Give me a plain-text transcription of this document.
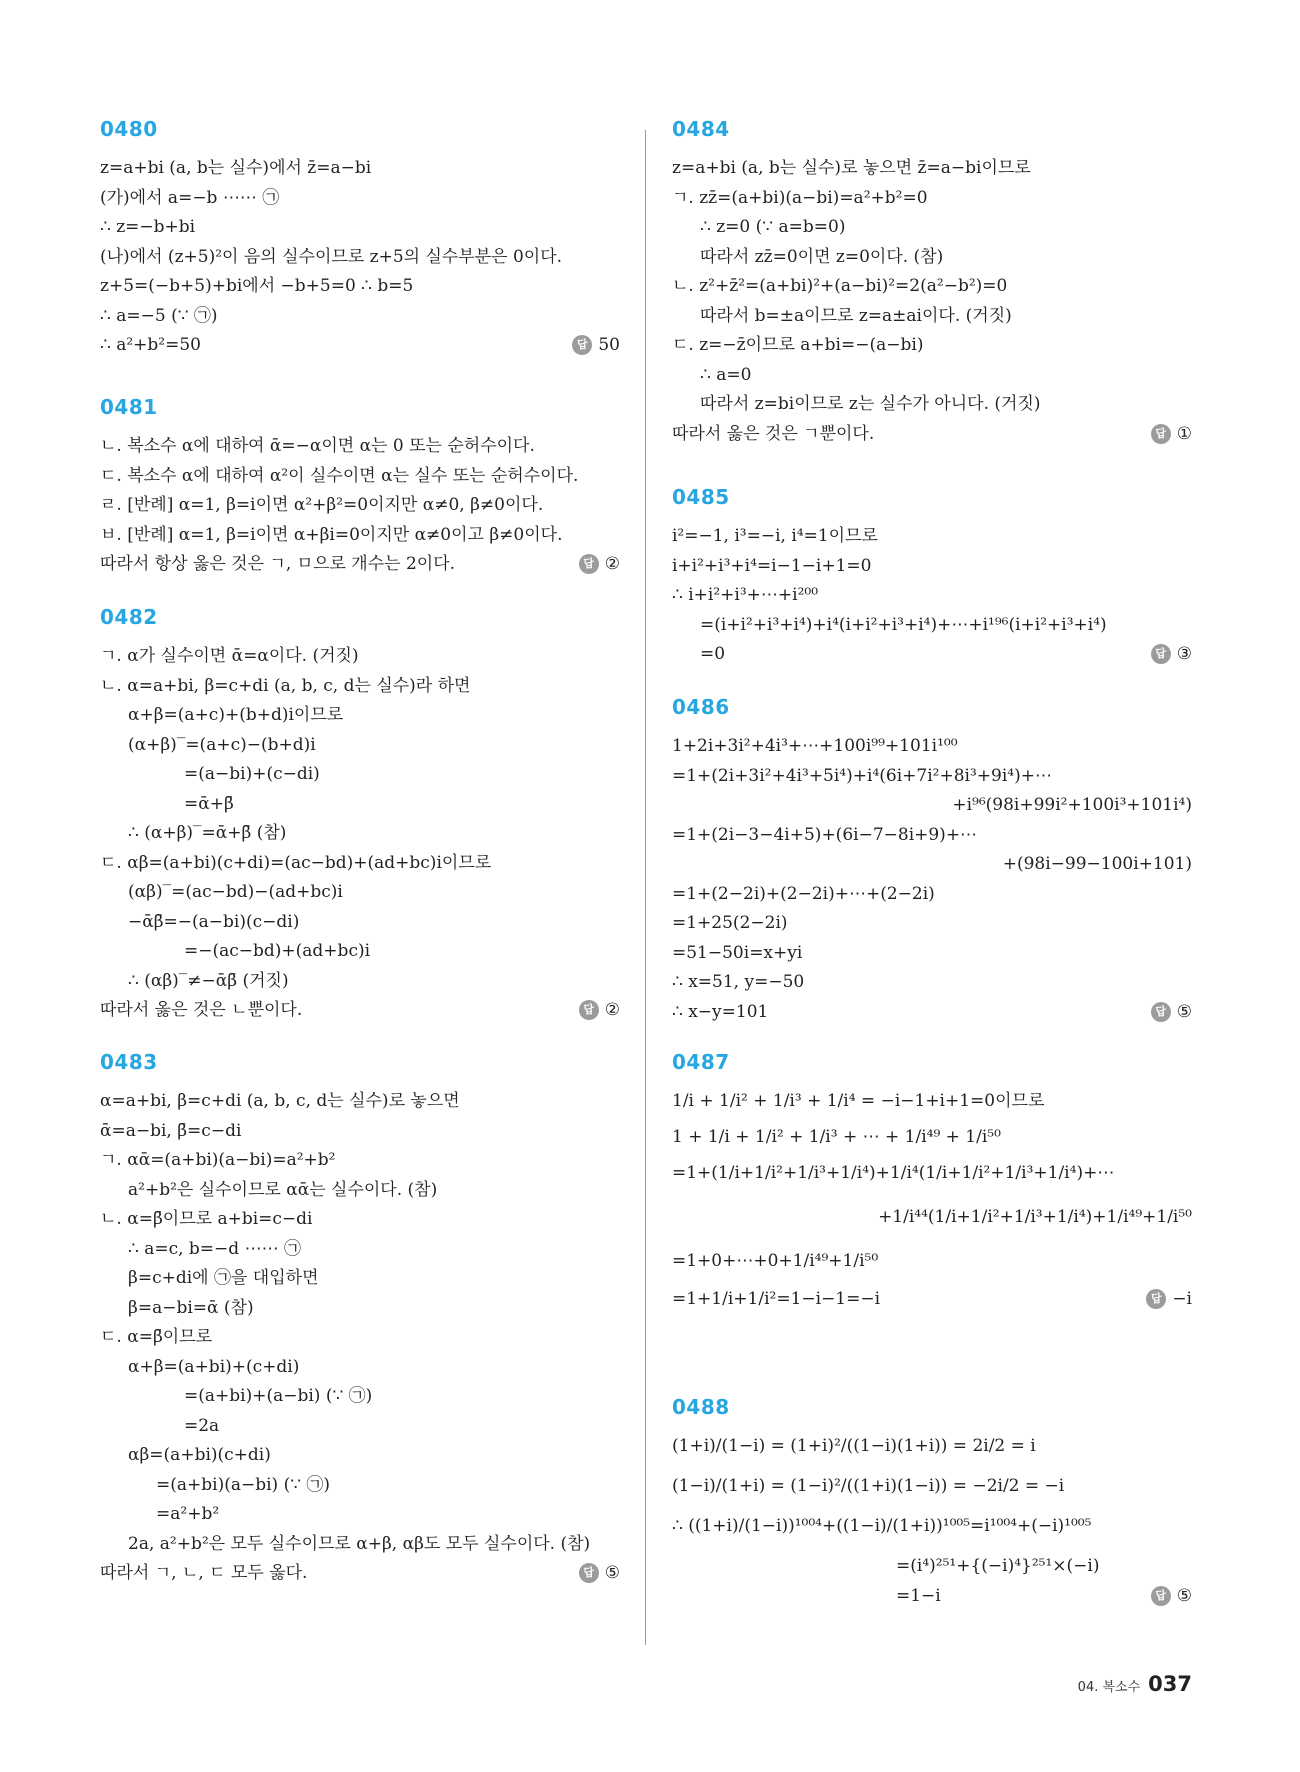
0480
z=a+bi (a, b는 실수)에서 z̄=a−bi
(가)에서 a=−b ⋯⋯ ㉠
∴ z=−b+bi
(나)에서 (z+5)²이 음의 실수이므로 z+5의 실수부분은 0이다.
z+5=(−b+5)+bi에서 −b+5=0 ∴ b=5
∴ a=−5 (∵ ㉠)
∴ a²+b²=50	답 50
0481
ㄴ. 복소수 α에 대하여 ᾱ=−α이면 α는 0 또는 순허수이다.
ㄷ. 복소수 α에 대하여 α²이 실수이면 α는 실수 또는 순허수이다.
ㄹ. [반례] α=1, β=i이면 α²+β²=0이지만 α≠0, β≠0이다.
ㅂ. [반례] α=1, β=i이면 α+βi=0이지만 α≠0이고 β≠0이다.
따라서 항상 옳은 것은 ㄱ, ㅁ으로 개수는 2이다.	답 ②
0482
ㄱ. α가 실수이면 ᾱ=α이다. (거짓)
ㄴ. α=a+bi, β=c+di (a, b, c, d는 실수)라 하면
α+β=(a+c)+(b+d)i이므로
(α+β)‾=(a+c)−(b+d)i
=(a−bi)+(c−di)
=ᾱ+β̄
∴ (α+β)‾=ᾱ+β̄ (참)
ㄷ. αβ=(a+bi)(c+di)=(ac−bd)+(ad+bc)i이므로
(αβ)‾=(ac−bd)−(ad+bc)i
−ᾱβ̄=−(a−bi)(c−di)
=−(ac−bd)+(ad+bc)i
∴ (αβ)‾≠−ᾱβ̄ (거짓)
따라서 옳은 것은 ㄴ뿐이다.	답 ②
0483
α=a+bi, β=c+di (a, b, c, d는 실수)로 놓으면
ᾱ=a−bi, β̄=c−di
ㄱ. αᾱ=(a+bi)(a−bi)=a²+b²
a²+b²은 실수이므로 αᾱ는 실수이다. (참)
ㄴ. α=β̄이므로 a+bi=c−di
∴ a=c, b=−d ⋯⋯ ㉠
β=c+di에 ㉠을 대입하면
β=a−bi=ᾱ (참)
ㄷ. α=β̄이므로
α+β=(a+bi)+(c+di)
=(a+bi)+(a−bi) (∵ ㉠)
=2a
αβ=(a+bi)(c+di)
=(a+bi)(a−bi) (∵ ㉠)
=a²+b²
2a, a²+b²은 모두 실수이므로 α+β, αβ도 모두 실수이다. (참)
따라서 ㄱ, ㄴ, ㄷ 모두 옳다.	답 ⑤
0484
z=a+bi (a, b는 실수)로 놓으면 z̄=a−bi이므로
ㄱ. zz̄=(a+bi)(a−bi)=a²+b²=0
∴ z=0 (∵ a=b=0)
따라서 zz̄=0이면 z=0이다. (참)
ㄴ. z²+z̄²=(a+bi)²+(a−bi)²=2(a²−b²)=0
따라서 b=±a이므로 z=a±ai이다. (거짓)
ㄷ. z=−z̄이므로 a+bi=−(a−bi)
∴ a=0
따라서 z=bi이므로 z는 실수가 아니다. (거짓)
따라서 옳은 것은 ㄱ뿐이다.	답 ①
0485
i²=−1, i³=−i, i⁴=1이므로
i+i²+i³+i⁴=i−1−i+1=0
∴ i+i²+i³+⋯+i²⁰⁰
=(i+i²+i³+i⁴)+i⁴(i+i²+i³+i⁴)+⋯+i¹⁹⁶(i+i²+i³+i⁴)
=0	답 ③
0486
1+2i+3i²+4i³+⋯+100i⁹⁹+101i¹⁰⁰
=1+(2i+3i²+4i³+5i⁴)+i⁴(6i+7i²+8i³+9i⁴)+⋯
+i⁹⁶(98i+99i²+100i³+101i⁴)
=1+(2i−3−4i+5)+(6i−7−8i+9)+⋯
+(98i−99−100i+101)
=1+(2−2i)+(2−2i)+⋯+(2−2i)
=1+25(2−2i)
=51−50i=x+yi
∴ x=51, y=−50
∴ x−y=101	답 ⑤
0487
1/i + 1/i² + 1/i³ + 1/i⁴ = −i−1+i+1=0이므로
1 + 1/i + 1/i² + 1/i³ + ⋯ + 1/i⁴⁹ + 1/i⁵⁰
=1+(1/i+1/i²+1/i³+1/i⁴)+1/i⁴(1/i+1/i²+1/i³+1/i⁴)+⋯
+1/i⁴⁴(1/i+1/i²+1/i³+1/i⁴)+1/i⁴⁹+1/i⁵⁰
=1+0+⋯+0+1/i⁴⁹+1/i⁵⁰
=1+1/i+1/i²=1−i−1=−i	답 −i
0488
(1+i)/(1−i) = (1+i)²/((1−i)(1+i)) = 2i/2 = i
(1−i)/(1+i) = (1−i)²/((1+i)(1−i)) = −2i/2 = −i
∴ ((1+i)/(1−i))¹⁰⁰⁴+((1−i)/(1+i))¹⁰⁰⁵=i¹⁰⁰⁴+(−i)¹⁰⁰⁵
=(i⁴)²⁵¹+{(−i)⁴}²⁵¹×(−i)
=1−i	답 ⑤
04. 복소수 037
